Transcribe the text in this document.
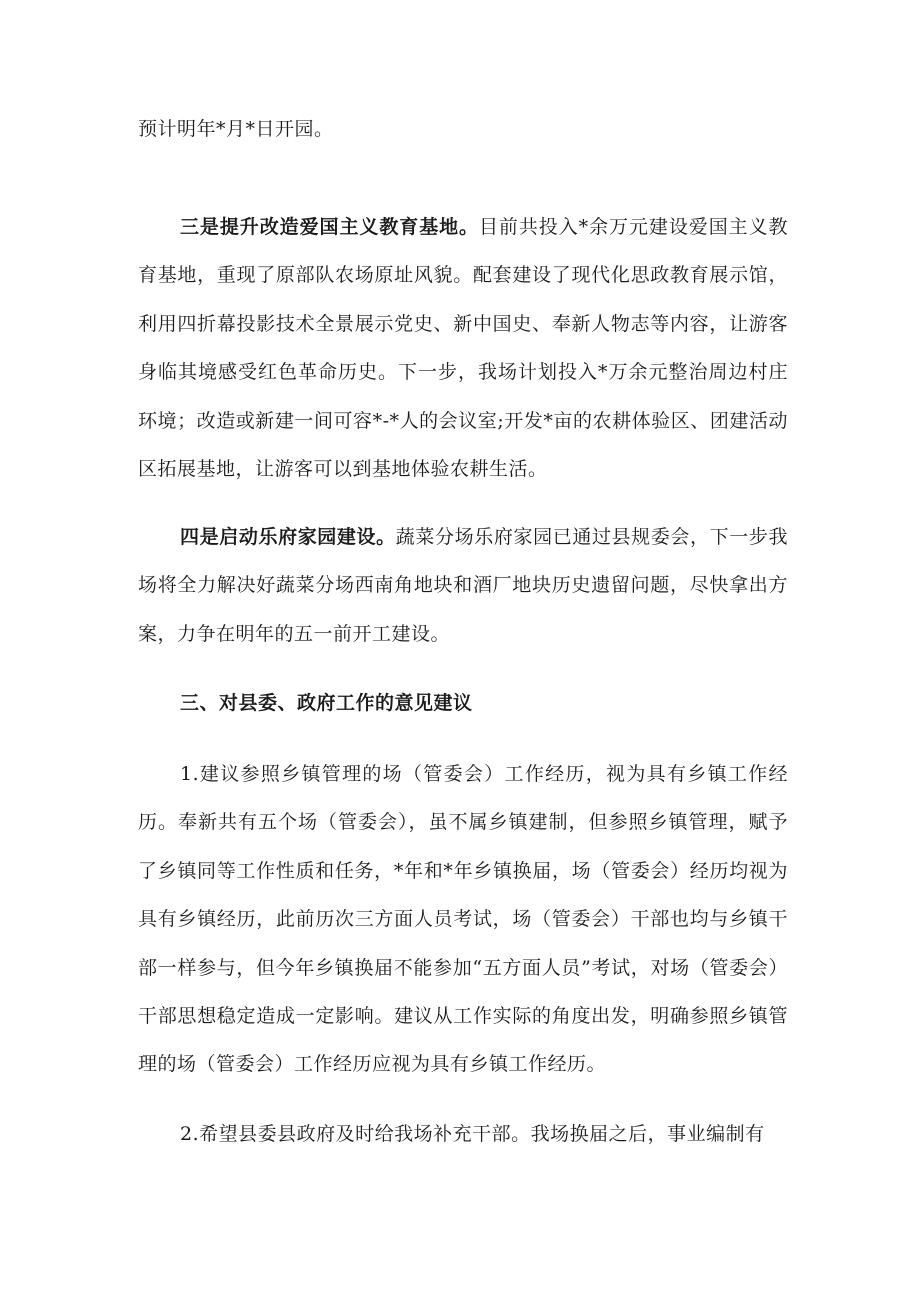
预计明年*月*日开园。

三是提升改造爱国主义教育基地。目前共投入*余万元建设爱国主义教育基地，重现了原部队农场原址风貌。配套建设了现代化思政教育展示馆，利用四折幕投影技术全景展示党史、新中国史、奉新人物志等内容，让游客身临其境感受红色革命历史。下一步，我场计划投入*万余元整治周边村庄环境；改造或新建一间可容*-*人的会议室;开发*亩的农耕体验区、团建活动区拓展基地，让游客可以到基地体验农耕生活。

四是启动乐府家园建设。蔬菜分场乐府家园已通过县规委会，下一步我场将全力解决好蔬菜分场西南角地块和酒厂地块历史遗留问题，尽快拿出方案，力争在明年的五一前开工建设。

三、对县委、政府工作的意见建议

1.建议参照乡镇管理的场（管委会）工作经历，视为具有乡镇工作经历。奉新共有五个场（管委会），虽不属乡镇建制，但参照乡镇管理，赋予了乡镇同等工作性质和任务，*年和*年乡镇换届，场（管委会）经历均视为具有乡镇经历，此前历次三方面人员考试，场（管委会）干部也均与乡镇干部一样参与，但今年乡镇换届不能参加“五方面人员”考试，对场（管委会）干部思想稳定造成一定影响。建议从工作实际的角度出发，明确参照乡镇管理的场（管委会）工作经历应视为具有乡镇工作经历。

2.希望县委县政府及时给我场补充干部。我场换届之后，事业编制有
